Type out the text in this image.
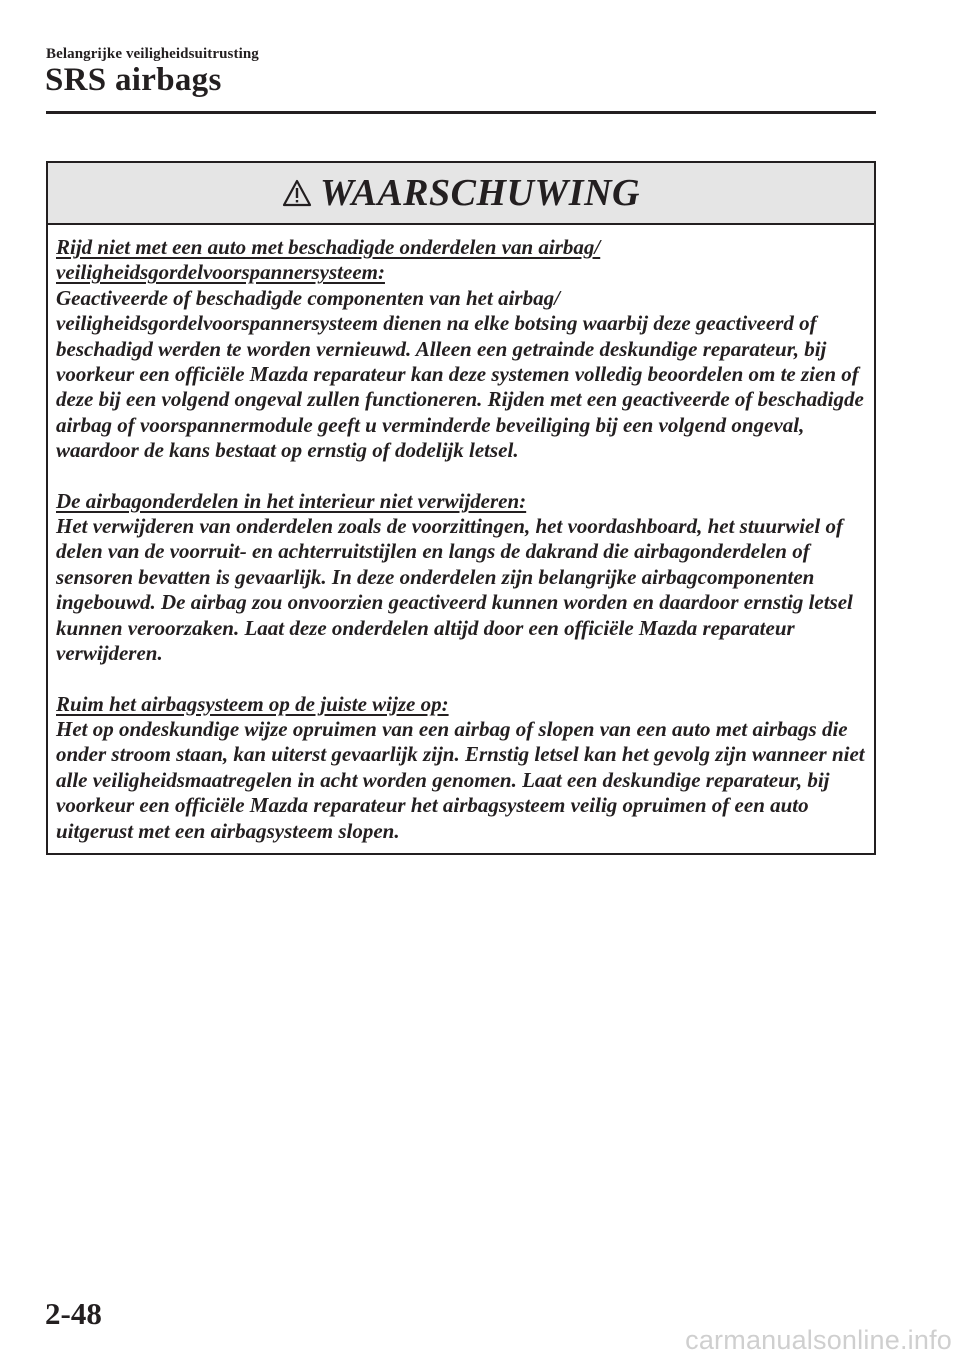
Belangrijke veiligheidsuitrusting
SRS airbags
WAARSCHUWING
Rijd niet met een auto met beschadigde onderdelen van airbag/ veiligheidsgordelvoorspannersysteem:
Geactiveerde of beschadigde componenten van het airbag/ veiligheidsgordelvoorspannersysteem dienen na elke botsing waarbij deze geactiveerd of beschadigd werden te worden vernieuwd. Alleen een getrainde deskundige reparateur, bij voorkeur een officiële Mazda reparateur kan deze systemen volledig beoordelen om te zien of deze bij een volgend ongeval zullen functioneren. Rijden met een geactiveerde of beschadigde airbag of voorspannermodule geeft u verminderde beveiliging bij een volgend ongeval, waardoor de kans bestaat op ernstig of dodelijk letsel.
De airbagonderdelen in het interieur niet verwijderen:
Het verwijderen van onderdelen zoals de voorzittingen, het voordashboard, het stuurwiel of delen van de voorruit- en achterruitstijlen en langs de dakrand die airbagonderdelen of sensoren bevatten is gevaarlijk. In deze onderdelen zijn belangrijke airbagcomponenten ingebouwd. De airbag zou onvoorzien geactiveerd kunnen worden en daardoor ernstig letsel kunnen veroorzaken. Laat deze onderdelen altijd door een officiële Mazda reparateur verwijderen.
Ruim het airbagsysteem op de juiste wijze op:
Het op ondeskundige wijze opruimen van een airbag of slopen van een auto met airbags die onder stroom staan, kan uiterst gevaarlijk zijn. Ernstig letsel kan het gevolg zijn wanneer niet alle veiligheidsmaatregelen in acht worden genomen. Laat een deskundige reparateur, bij voorkeur een officiële Mazda reparateur het airbagsysteem veilig opruimen of een auto uitgerust met een airbagsysteem slopen.
2-48
carmanualsonline.info
